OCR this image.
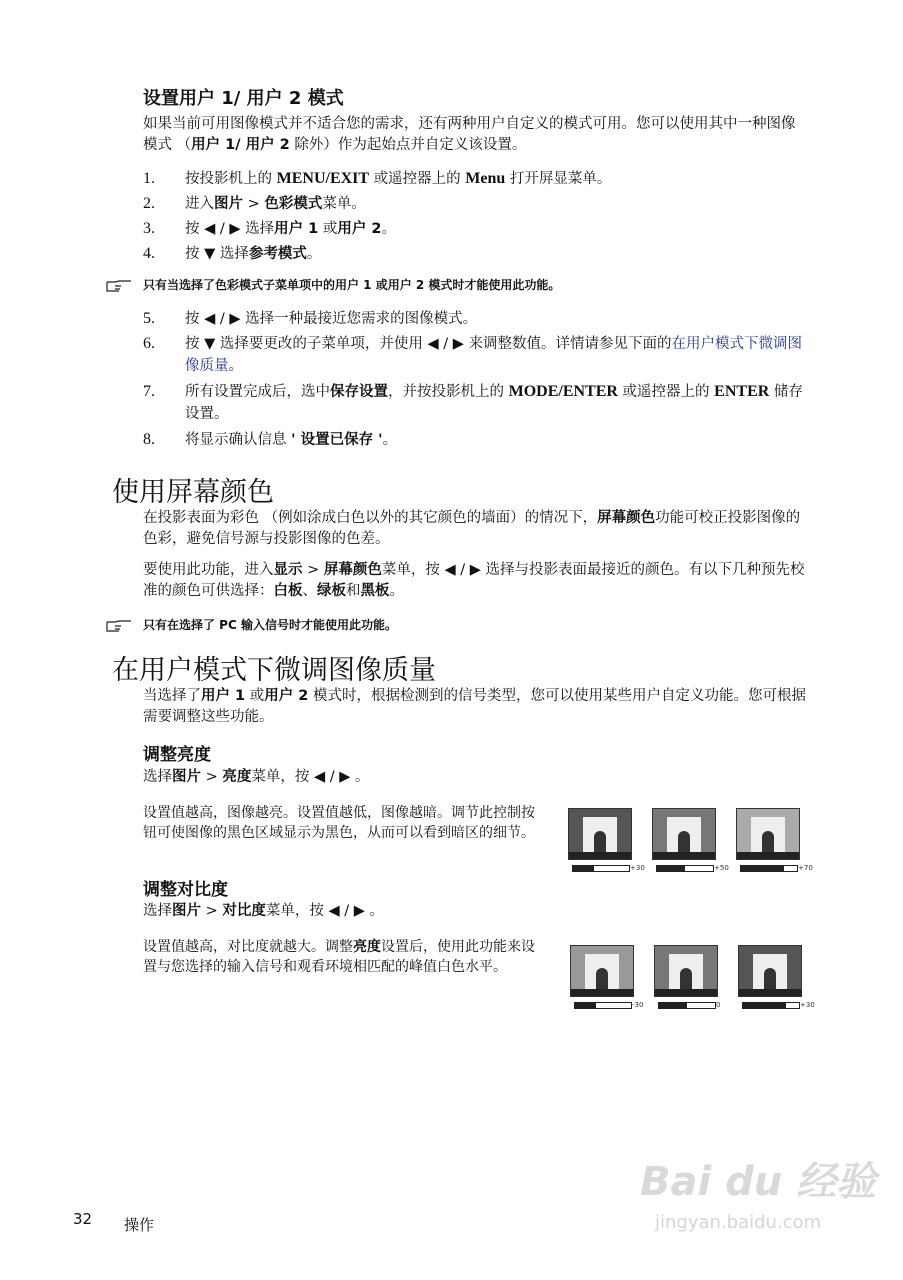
设置用户 1/ 用户 2 模式
如果当前可用图像模式并不适合您的需求，还有两种用户自定义的模式可用。您可以使用其中一种图像模式 （用户 1/ 用户 2 除外）作为起始点并自定义该设置。
1. 按投影机上的 MENU/EXIT 或遥控器上的 Menu 打开屏显菜单。
2. 进入图片 > 色彩模式菜单。
3. 按 ◀ / ▶ 选择用户 1 或用户 2。
4. 按 ▼ 选择参考模式。
只有当选择了色彩模式子菜单项中的用户 1 或用户 2 模式时才能使用此功能。
5. 按 ◀ / ▶ 选择一种最接近您需求的图像模式。
6. 按 ▼ 选择要更改的子菜单项，并使用 ◀ / ▶ 来调整数值。详情请参见下面的在用户模式下微调图像质量。
7. 所有设置完成后，选中保存设置，并按投影机上的 MODE/ENTER 或遥控器上的 ENTER 储存设置。
8. 将显示确认信息 ' 设置已保存 '。
使用屏幕颜色
在投影表面为彩色 （例如涂成白色以外的其它颜色的墙面）的情况下，屏幕颜色功能可校正投影图像的色彩，避免信号源与投影图像的色差。
要使用此功能，进入显示 > 屏幕颜色菜单，按 ◀ / ▶ 选择与投影表面最接近的颜色。有以下几种预先校准的颜色可供选择：白板、绿板和黑板。
只有在选择了 PC 输入信号时才能使用此功能。
在用户模式下微调图像质量
当选择了用户 1 或用户 2 模式时，根据检测到的信号类型，您可以使用某些用户自定义功能。您可根据需要调整这些功能。
调整亮度
选择图片 > 亮度菜单，按 ◀ / ▶ 。
设置值越高，图像越亮。设置值越低，图像越暗。调节此控制按钮可使图像的黑色区域显示为黑色，从而可以看到暗区的细节。
+30	+50	+70
调整对比度
选择图片 > 对比度菜单，按 ◀ / ▶ 。
设置值越高，对比度就越大。调整亮度设置后，使用此功能来设置与您选择的输入信号和观看环境相匹配的峰值白色水平。
-30	0	+30
32 操作
Bai du 经验
jingyan.baidu.com
